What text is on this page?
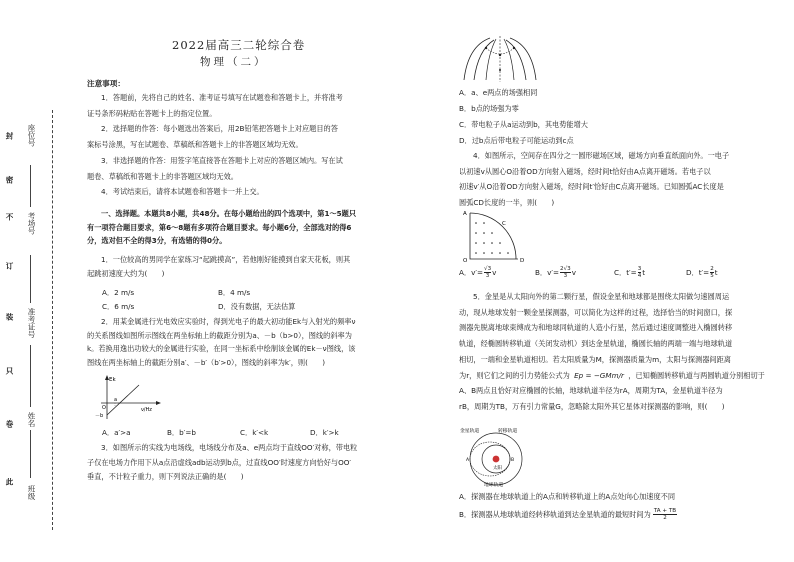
此
卷
只
装
订
不
密
封
班级
姓名
准考证号
考场号
座位号
2022届高三二轮综合卷
物理（二）
注意事项：
1．答题前，先将自己的姓名、准考证号填写在试题卷和答题卡上，并将准考
证号条形码粘贴在答题卡上的指定位置。
2．选择题的作答：每小题选出答案后，用2B铅笔把答题卡上对应题目的答
案标号涂黑，写在试题卷、草稿纸和答题卡上的非答题区域均无效。
3．非选择题的作答：用签字笔直接答在答题卡上对应的答题区域内。写在试
题卷、草稿纸和答题卡上的非答题区域均无效。
4．考试结束后，请将本试题卷和答题卡一并上交。
一、选择题。本题共8小题，共48分。在每小题给出的四个选项中，第1～5题只
有一项符合题目要求，第6～8题有多项符合题目要求。每小题6分，全部选对的得6
分，选对但不全的得3分，有选错的得0分。
1．一位较高的男同学在家练习“起跳摸高”，若他刚好能摸到自家天花板，则其
起跳初速度大约为(　　)
A．2 m/s	B．4 m/s
C．6 m/s	D．没有数据，无法估算
2．用某金属进行光电效应实验时，得到光电子的最大初动能Ek与入射光的频率ν
的关系图线如图所示图线在两坐标轴上的截距分别为a、－b（b>0），图线的斜率为
k。若换用逸出功较大的金属进行实验，在同一坐标系中绘制该金属的Ek－ν图线，该
图线在两坐标轴上的截距分别a′、－b′（b′>0），图线的斜率为k′，则(　　)
Ek
ν/Hz
O
a
－b
A．a′>a	B．b′=b	C．k′<k	D．k′>k
3．如图所示的实线为电场线，电场线分布及a、e两点均于直线OO′对称，带电粒
子仅在电场力作用下从a点沿虚线adb运动到b点，过直线OO′时速度方向恰好与OO′
垂直，不计粒子重力，则下列说法正确的是(　　)
A．a、e两点的场强相同
B．b点的场强为零
C．带电粒子从a运动到b，其电势能增大
D．过b点后带电粒子可能运动到c点
4．如图所示，空间存在四分之一圆形磁场区域，磁场方向垂直纸面向外。一电子
以初速v从圆心O沿着OD方向射入磁场，经时间t恰好由A点离开磁场。若电子以
初速v′从O沿着OD方向射入磁场，经时间t′恰好由C点离开磁场。已知圆弧AC长度是
圆弧CD长度的一半，则(　　)
A
C
O	D
A．$v'= \frac{√3}{3}$ v	B．$v'= \frac{2√3}{3}$ v	C．$t'= \frac{3}{4}$ t	D．$t'= \frac{2}{5}$ t
5．金星是从太阳向外的第二颗行星，假设金星和地球都是围绕太阳做匀速圆周运
动，现从地球发射一颗金星探测器，可以简化为这样的过程，选择恰当的时间窗口，探
测器先脱离地球束缚成为和地球同轨道的人造小行星，然后通过速度调整进入椭圆转移
轨道，经椭圆转移轨道（关闭发动机）到达金星轨道，椭圆长轴的两端一端与地球轨道
相切，一端和金星轨道相切。若太阳质量为M，探测器质量为m，太阳与探测器间距离
为r，则它们之间的引力势能公式为 Ep = −GMm/r ，已知椭圆转移轨道与两圆轨道分别相切于
A、B两点且恰好对应椭圆的长轴，地球轨道半径为rA，周期为TA，金星轨道半径为
rB，周期为TB，万有引力常量G，忽略除太阳外其它星体对探测器的影响，则(　　)
太阳
金星轨道	转移轨道
地球轨道
A	B
A．探测器在地球轨道上的A点和转移轨道上的A点处向心加速度不同
B．探测器从地球轨道经转移轨道到达金星轨道的最短时间为 $\frac{TA + TB}{2}$
